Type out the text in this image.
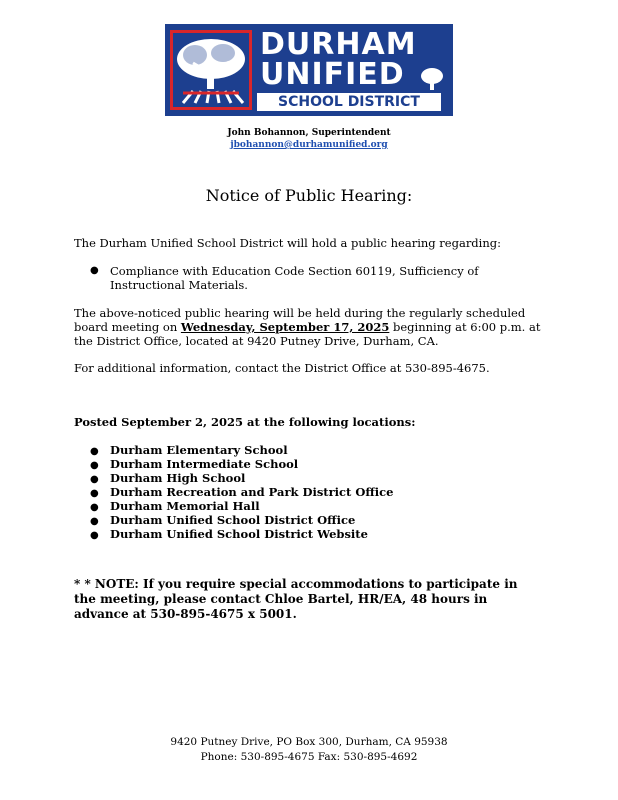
DURHAM
UNIFIED
SCHOOL DISTRICT
John Bohannon, Superintendent
jbohannon@durhamunified.org
Notice of Public Hearing:
The Durham Unified School District will hold a public hearing regarding:
● Compliance with Education Code Section 60119, Sufficiency of Instructional Materials.
The above-noticed public hearing will be held during the regularly scheduled board meeting on Wednesday, September 17, 2025 beginning at 6:00 p.m. at the District Office, located at 9420 Putney Drive, Durham, CA.
For additional information, contact the District Office at 530-895-4675.
Posted September 2, 2025 at the following locations:
● Durham Elementary School
● Durham Intermediate School
● Durham High School
● Durham Recreation and Park District Office
● Durham Memorial Hall
● Durham Unified School District Office
● Durham Unified School District Website
* * NOTE: If you require special accommodations to participate in the meeting, please contact Chloe Bartel, HR/EA, 48 hours in advance at 530-895-4675 x 5001.
9420 Putney Drive, PO Box 300, Durham, CA 95938
Phone: 530-895-4675 Fax: 530-895-4692
